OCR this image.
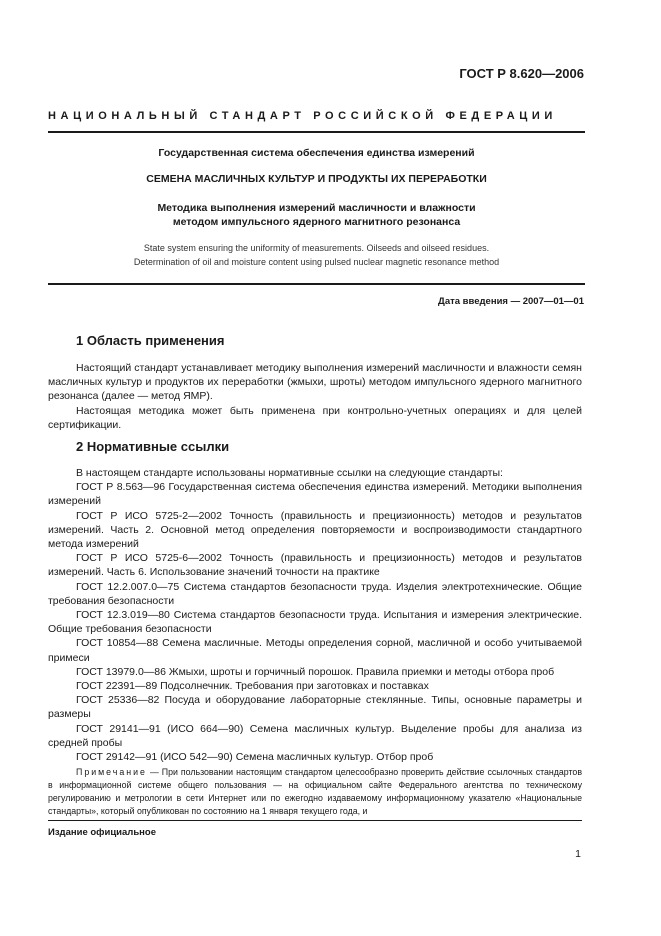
ГОСТ Р 8.620—2006
НАЦИОНАЛЬНЫЙ СТАНДАРТ РОССИЙСКОЙ ФЕДЕРАЦИИ
Государственная система обеспечения единства измерений
СЕМЕНА МАСЛИЧНЫХ КУЛЬТУР И ПРОДУКТЫ ИХ ПЕРЕРАБОТКИ
Методика выполнения измерений масличности и влажности
методом импульсного ядерного магнитного резонанса
State system ensuring the uniformity of measurements. Oilseeds and oilseed residues.
Determination of oil and moisture content using pulsed nuclear magnetic resonance method
Дата введения — 2007—01—01
1 Область применения

Настоящий стандарт устанавливает методику выполнения измерений масличности и влажности семян масличных культур и продуктов их переработки (жмыхи, шроты) методом импульсного ядерного магнитного резонанса (далее — метод ЯМР).

Настоящая методика может быть применена при контрольно-учетных операциях и для целей сертификации.

2 Нормативные ссылки

В настоящем стандарте использованы нормативные ссылки на следующие стандарты:

ГОСТ Р 8.563—96 Государственная система обеспечения единства измерений. Методики выполнения измерений

ГОСТ Р ИСО 5725-2—2002 Точность (правильность и прецизионность) методов и результатов измерений. Часть 2. Основной метод определения повторяемости и воспроизводимости стандартного метода измерений

ГОСТ Р ИСО 5725-6—2002 Точность (правильность и прецизионность) методов и результатов измерений. Часть 6. Использование значений точности на практике

ГОСТ 12.2.007.0—75 Система стандартов безопасности труда. Изделия электротехнические. Общие требования безопасности

ГОСТ 12.3.019—80 Система стандартов безопасности труда. Испытания и измерения электрические. Общие требования безопасности

ГОСТ 10854—88 Семена масличные. Методы определения сорной, масличной и особо учитываемой примеси

ГОСТ 13979.0—86 Жмыхи, шроты и горчичный порошок. Правила приемки и методы отбора проб

ГОСТ 22391—89 Подсолнечник. Требования при заготовках и поставках

ГОСТ 25336—82 Посуда и оборудование лабораторные стеклянные. Типы, основные параметры и размеры

ГОСТ 29141—91 (ИСО 664—90) Семена масличных культур. Выделение пробы для анализа из средней пробы

ГОСТ 29142—91 (ИСО 542—90) Семена масличных культур. Отбор проб

Примечание — При пользовании настоящим стандартом целесообразно проверить действие ссылочных стандартов в информационной системе общего пользования — на официальном сайте Федерального агентства по техническому регулированию и метрологии в сети Интернет или по ежегодно издаваемому информационному указателю «Национальные стандарты», который опубликован по состоянию на 1 января текущего года, и

Издание официальное
1
